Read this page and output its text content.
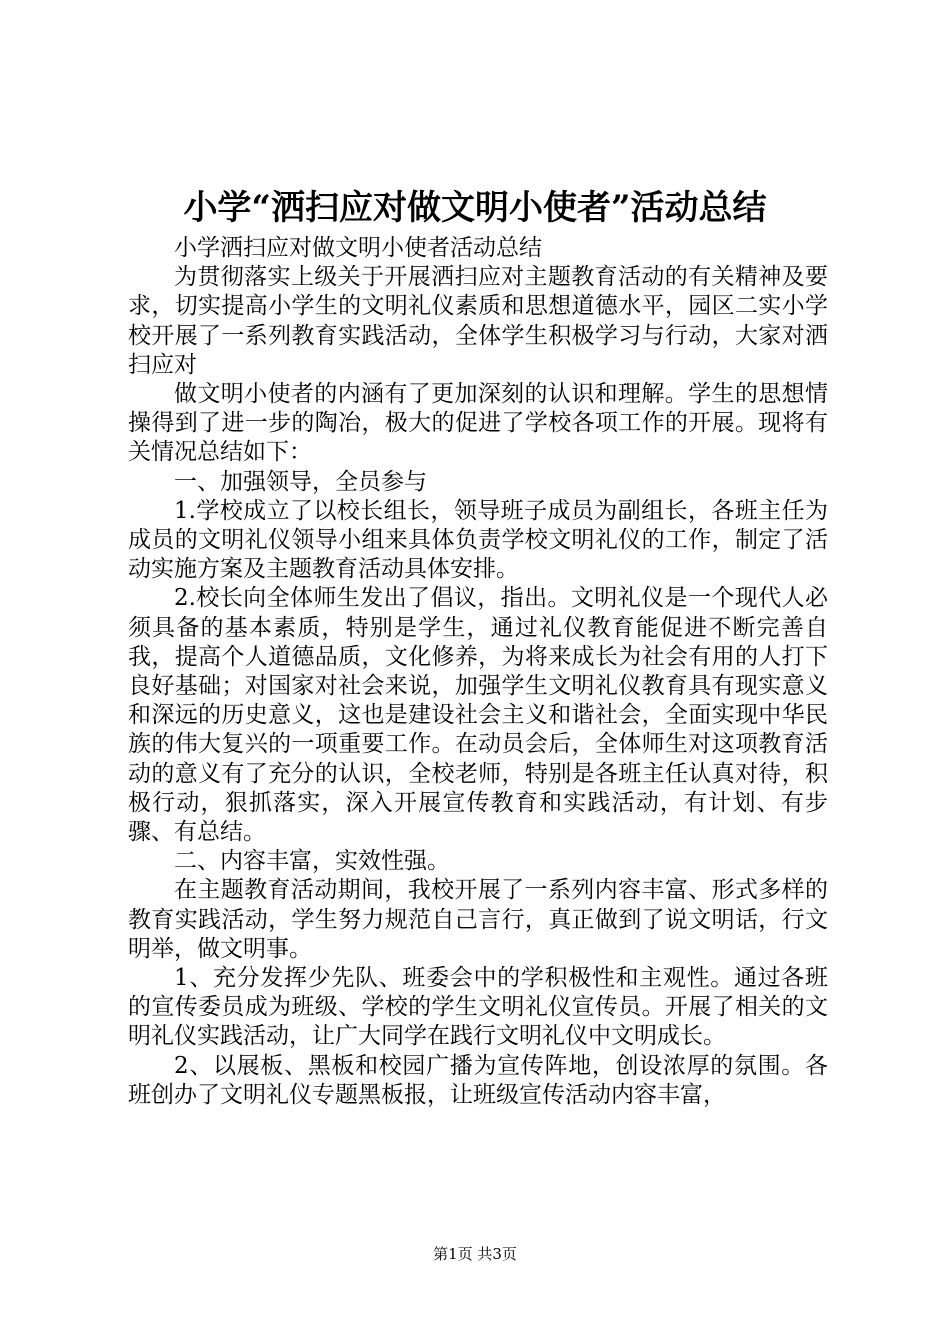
小学“洒扫应对做文明小使者”活动总结

小学洒扫应对做文明小使者活动总结

为贯彻落实上级关于开展洒扫应对主题教育活动的有关精神及要求，切实提高小学生的文明礼仪素质和思想道德水平，园区二实小学校开展了一系列教育实践活动，全体学生积极学习与行动，大家对洒扫应对

做文明小使者的内涵有了更加深刻的认识和理解。学生的思想情操得到了进一步的陶冶，极大的促进了学校各项工作的开展。现将有关情况总结如下：

一、加强领导，全员参与

1.学校成立了以校长组长，领导班子成员为副组长，各班主任为成员的文明礼仪领导小组来具体负责学校文明礼仪的工作，制定了活动实施方案及主题教育活动具体安排。

2.校长向全体师生发出了倡议，指出。文明礼仪是一个现代人必须具备的基本素质，特别是学生，通过礼仪教育能促进不断完善自我，提高个人道德品质，文化修养，为将来成长为社会有用的人打下良好基础；对国家对社会来说，加强学生文明礼仪教育具有现实意义和深远的历史意义，这也是建设社会主义和谐社会，全面实现中华民族的伟大复兴的一项重要工作。在动员会后，全体师生对这项教育活动的意义有了充分的认识，全校老师，特别是各班主任认真对待，积极行动，狠抓落实，深入开展宣传教育和实践活动，有计划、有步骤、有总结。

二、内容丰富，实效性强。

在主题教育活动期间，我校开展了一系列内容丰富、形式多样的教育实践活动，学生努力规范自己言行，真正做到了说文明话，行文明举，做文明事。

1、充分发挥少先队、班委会中的学积极性和主观性。通过各班的宣传委员成为班级、学校的学生文明礼仪宣传员。开展了相关的文明礼仪实践活动，让广大同学在践行文明礼仪中文明成长。

2、以展板、黑板和校园广播为宣传阵地，创设浓厚的氛围。各班创办了文明礼仪专题黑板报，让班级宣传活动内容丰富，

第1页 共3页
